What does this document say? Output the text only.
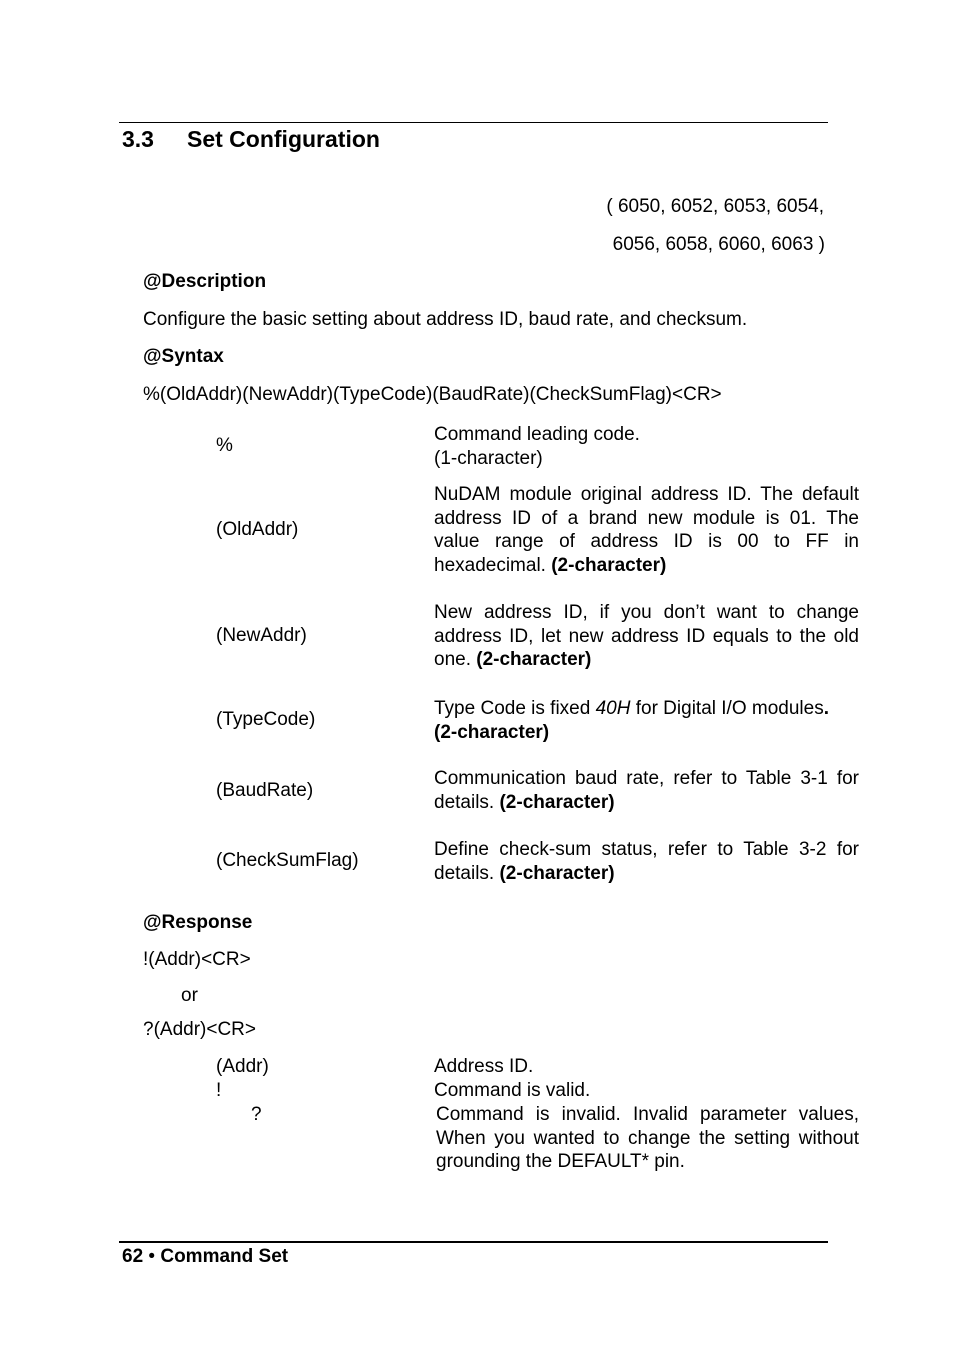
3.3 Set Configuration
( 6050, 6052, 6053, 6054,
6056, 6058, 6060, 6063 )
@Description
Configure the basic setting about address ID, baud rate, and checksum.
@Syntax
%(OldAddr)(NewAddr)(TypeCode)(BaudRate)(CheckSumFlag)<CR>
%
Command leading code.
(1-character)
(OldAddr)
NuDAM module original address ID. The default address ID of a brand new module is 01. The value range of address ID is 00 to FF in hexadecimal. (2-character)
(NewAddr)
New address ID, if you don’t want to change address ID, let new address ID equals to the old one. (2-character)
(TypeCode)
Type Code is fixed 40H for Digital I/O modules.
(2-character)
(BaudRate)
Communication baud rate, refer to Table 3-1 for details. (2-character)
(CheckSumFlag)
Define check-sum status, refer to Table 3-2 for details. (2-character)
@Response
!(Addr)<CR>
or
?(Addr)<CR>
(Addr)	Address ID.
!	Command is valid.
?	Command is invalid. Invalid parameter values, When you wanted to change the setting without grounding the DEFAULT* pin.
62 • Command Set
